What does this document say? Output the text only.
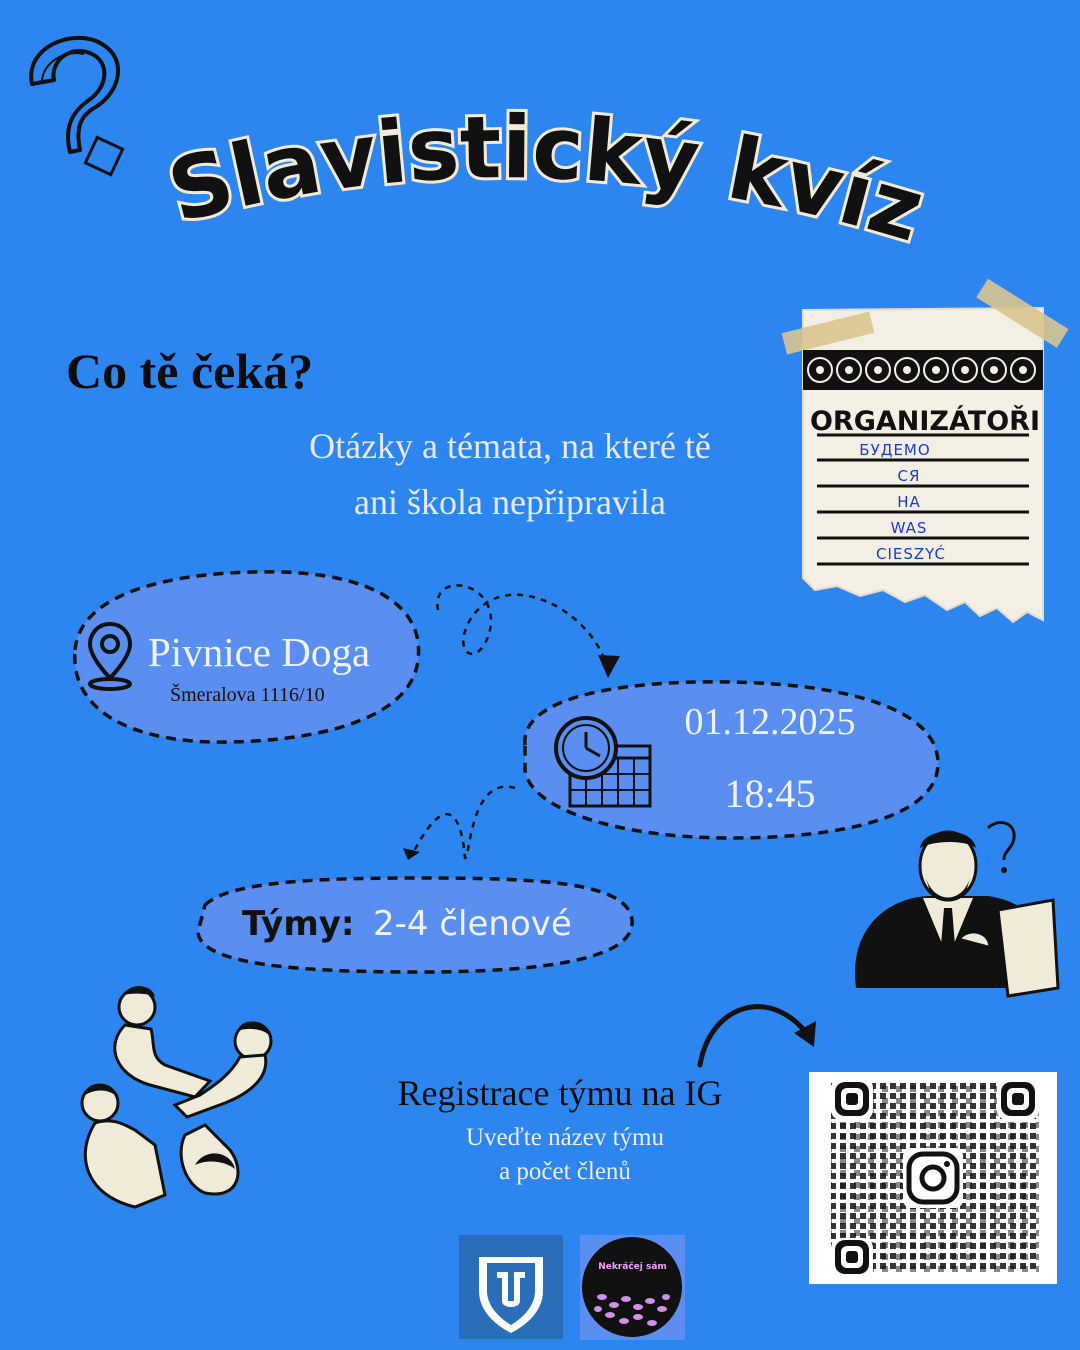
Slavistický kvíz
Co tě čeká?
Otázky a témata, na které tě
ani škola nepřipravila
ORGANIZÁTOŘI
БУДЕМО
СЯ
НА
WAS
CIESZYĆ
Pivnice Doga
Šmeralova 1116/10
01.12.2025
18:45
Týmy: 2-4 členové
Registrace týmu na IG
Uveďte název týmu
a počet členů
Nekráčej sám
